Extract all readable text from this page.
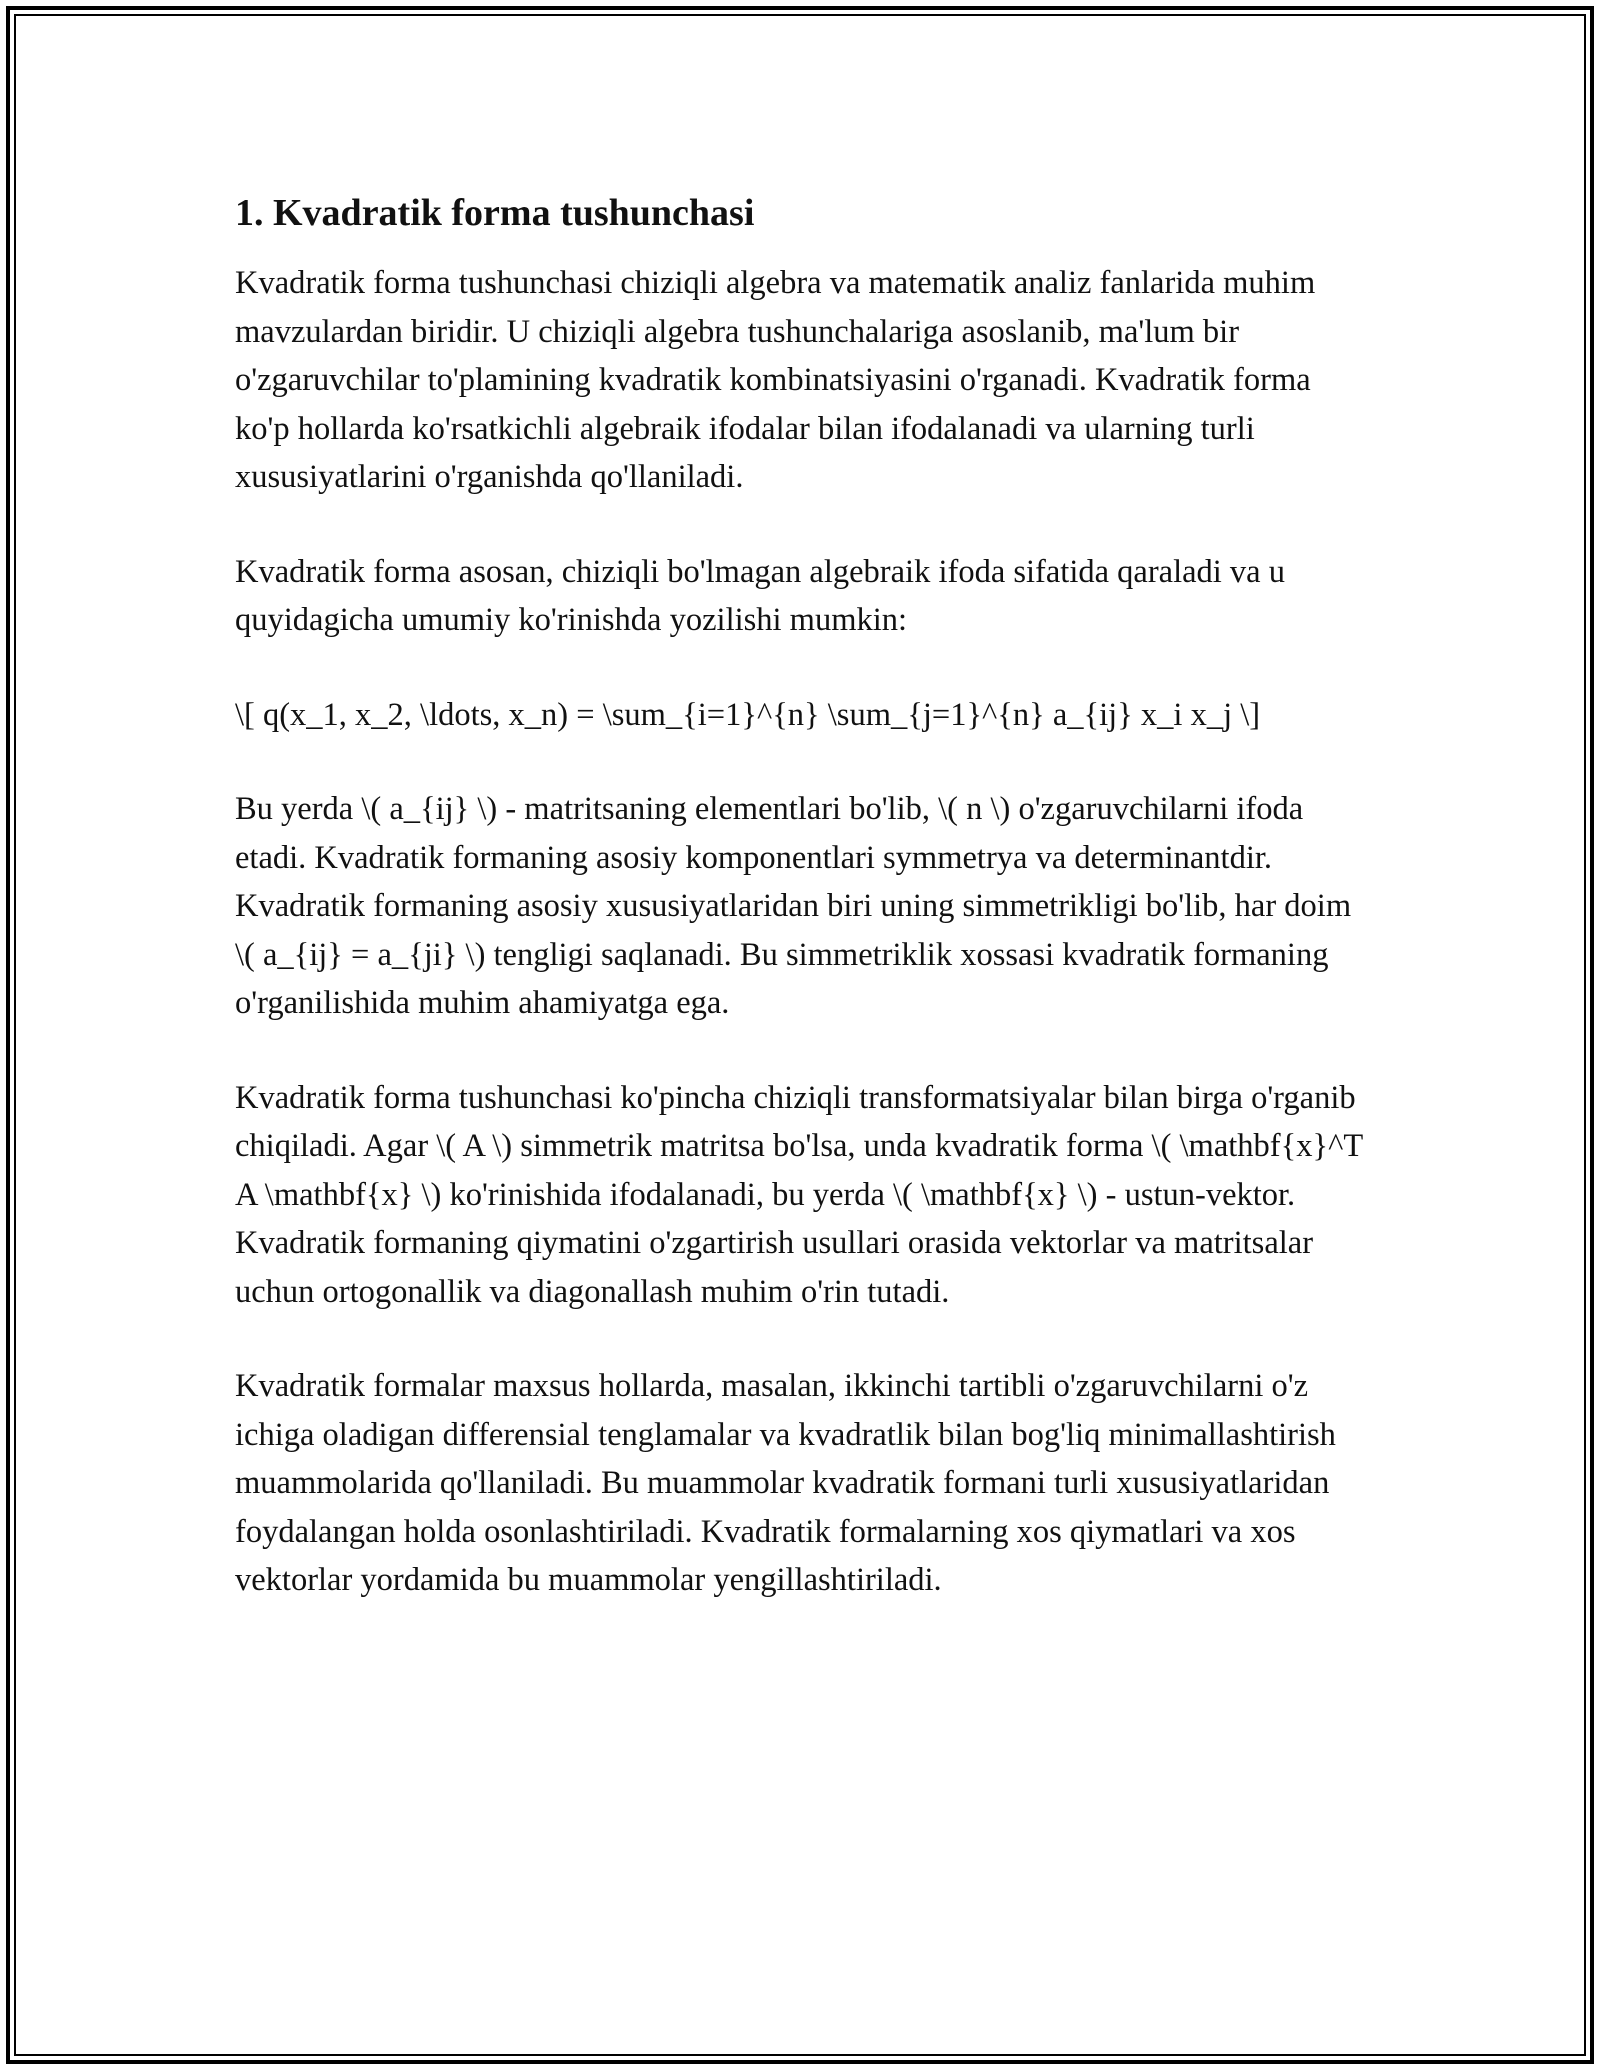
1. Kvadratik forma tushunchasi

Kvadratik forma tushunchasi chiziqli algebra va matematik analiz fanlarida muhim mavzulardan biridir. U chiziqli algebra tushunchalariga asoslanib, ma'lum bir o'zgaruvchilar to'plamining kvadratik kombinatsiyasini o'rganadi. Kvadratik forma ko'p hollarda ko'rsatkichli algebraik ifodalar bilan ifodalanadi va ularning turli xususiyatlarini o'rganishda qo'llaniladi.

Kvadratik forma asosan, chiziqli bo'lmagan algebraik ifoda sifatida qaraladi va u quyidagicha umumiy ko'rinishda yozilishi mumkin:

\[ q(x_1, x_2, \ldots, x_n) = \sum_{i=1}^{n} \sum_{j=1}^{n} a_{ij} x_i x_j \]

Bu yerda \( a_{ij} \) - matritsaning elementlari bo'lib, \( n \) o'zgaruvchilarni ifoda etadi. Kvadratik formaning asosiy komponentlari symmetrya va determinantdir. Kvadratik formaning asosiy xususiyatlaridan biri uning simmetrikligi bo'lib, har doim \( a_{ij} = a_{ji} \) tengligi saqlanadi. Bu simmetriklik xossasi kvadratik formaning o'rganilishida muhim ahamiyatga ega.

Kvadratik forma tushunchasi ko'pincha chiziqli transformatsiyalar bilan birga o'rganib chiqiladi. Agar \( A \) simmetrik matritsa bo'lsa, unda kvadratik forma \( \mathbf{x}^T A \mathbf{x} \) ko'rinishida ifodalanadi, bu yerda \( \mathbf{x} \) - ustun-vektor. Kvadratik formaning qiymatini o'zgartirish usullari orasida vektorlar va matritsalar uchun ortogonallik va diagonallash muhim o'rin tutadi.

Kvadratik formalar maxsus hollarda, masalan, ikkinchi tartibli o'zgaruvchilarni o'z ichiga oladigan differensial tenglamalar va kvadratlik bilan bog'liq minimallashtirish muammolarida qo'llaniladi. Bu muammolar kvadratik formani turli xususiyatlaridan foydalangan holda osonlashtiriladi. Kvadratik formalarning xos qiymatlari va xos vektorlar yordamida bu muammolar yengillashtiriladi.
